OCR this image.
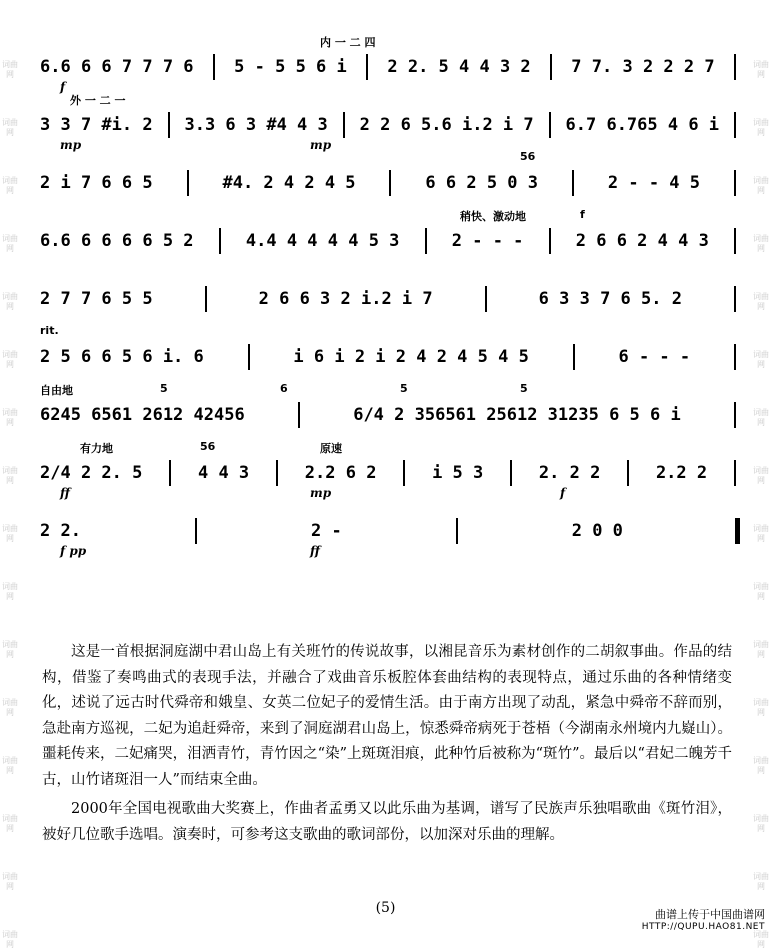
词曲网
词曲网
词曲网
词曲网
词曲网
词曲网
词曲网
词曲网
词曲网
词曲网
词曲网
词曲网
词曲网
词曲网
词曲网
词曲网
词曲网
词曲网
词曲网
词曲网
词曲网
词曲网
词曲网
词曲网
词曲网
词曲网
词曲网
词曲网
词曲网
词曲网
词曲网
词曲网
内 一 二 四
6.6 6 6 7 7 7 6 5 - 5 5 6 i 2 2. 5 4 4 3 2 7 7. 3 2 2 2 7
f
外 一 二 一
3 3 7 #i. 2 3.3 6 3 #4 4 3 2 2 6 5.6 i.2 i 7 6.7 6.765 4 6 i
mp	mp
56
2 i 7 6 6 5	#4. 2 4 2 4 5	6 6 2 5 0 3	2 - - 4 5
稍快、激动地	f
6.6 6 6 6 6 5 2	4.4 4 4 4 4 5 3	2 - - -	2 6 6 2 4 4 3
2 7 7 6 5 5	2 6 6 3 2 i.2 i 7	6 3 3 7 6 5. 2
rit.
2 5 6 6 5 6 i. 6	i 6 i 2 i 2 4 2 4 5 4 5	6 - - -
自由地	5	6	5	5
6245 6561 2612 42456	6/4 2 356561 25612 31235 6 5 6 i
有力地	56	原速
2/4 2 2. 5	4 4 3	2.2 6 2	i 5 3	2. 2 2	2.2 2
ff	mp	f
2 2.	2 -	2 0 0
f pp	ff

这是一首根据洞庭湖中君山岛上有关班竹的传说故事，以湘昆音乐为素材创作的二胡叙事曲。作品的结构，借鉴了奏鸣曲式的表现手法，并融合了戏曲音乐板腔体套曲结构的表现特点，通过乐曲的各种情绪变化，述说了远古时代舜帝和娥皇、女英二位妃子的爱情生活。由于南方出现了动乱，紧急中舜帝不辞而别，急赴南方巡视，二妃为追赶舜帝，来到了洞庭湖君山岛上，惊悉舜帝病死于苍梧（今湖南永州境内九嶷山）。噩耗传来，二妃痛哭，泪洒青竹，青竹因之“染”上斑斑泪痕，此种竹后被称为“斑竹”。最后以“君妃二魄芳千古，山竹诸斑泪一人”而结束全曲。

2000年全国电视歌曲大奖赛上，作曲者孟勇又以此乐曲为基调，谱写了民族声乐独唱歌曲《斑竹泪》，被好几位歌手选唱。演奏时，可参考这支歌曲的歌词部份，以加深对乐曲的理解。

(5)	曲谱上传于中国曲谱网
HTTP://QUPU.HAO81.NET
